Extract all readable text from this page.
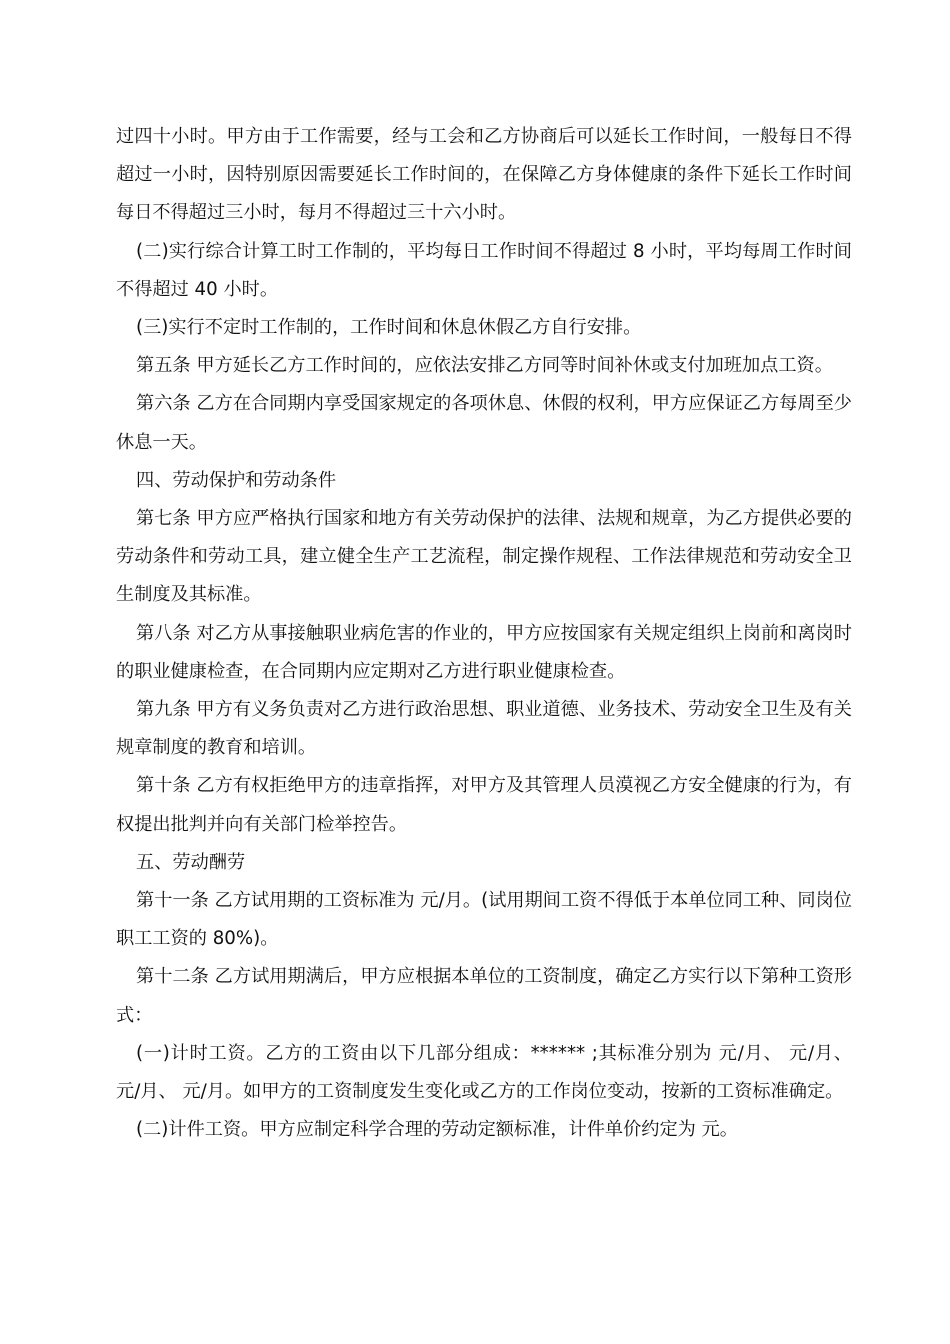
过四十小时。甲方由于工作需要，经与工会和乙方协商后可以延长工作时间，一般每日不得超过一小时，因特别原因需要延长工作时间的，在保障乙方身体健康的条件下延长工作时间每日不得超过三小时，每月不得超过三十六小时。

(二)实行综合计算工时工作制的，平均每日工作时间不得超过 8 小时，平均每周工作时间不得超过 40 小时。

(三)实行不定时工作制的，工作时间和休息休假乙方自行安排。

第五条 甲方延长乙方工作时间的，应依法安排乙方同等时间补休或支付加班加点工资。

第六条 乙方在合同期内享受国家规定的各项休息、休假的权利，甲方应保证乙方每周至少休息一天。

四、劳动保护和劳动条件

第七条 甲方应严格执行国家和地方有关劳动保护的法律、法规和规章，为乙方提供必要的劳动条件和劳动工具，建立健全生产工艺流程，制定操作规程、工作法律规范和劳动安全卫生制度及其标准。

第八条 对乙方从事接触职业病危害的作业的，甲方应按国家有关规定组织上岗前和离岗时的职业健康检查，在合同期内应定期对乙方进行职业健康检查。

第九条 甲方有义务负责对乙方进行政治思想、职业道德、业务技术、劳动安全卫生及有关规章制度的教育和培训。

第十条 乙方有权拒绝甲方的违章指挥，对甲方及其管理人员漠视乙方安全健康的行为，有权提出批判并向有关部门检举控告。

五、劳动酬劳

第十一条 乙方试用期的工资标准为 元/月。(试用期间工资不得低于本单位同工种、同岗位职工工资的 80%)。

第十二条 乙方试用期满后，甲方应根据本单位的工资制度，确定乙方实行以下第种工资形式：

(一)计时工资。乙方的工资由以下几部分组成：****** ;其标准分别为 元/月、 元/月、 元/月、 元/月。如甲方的工资制度发生变化或乙方的工作岗位变动，按新的工资标准确定。

(二)计件工资。甲方应制定科学合理的劳动定额标准，计件单价约定为 元。
